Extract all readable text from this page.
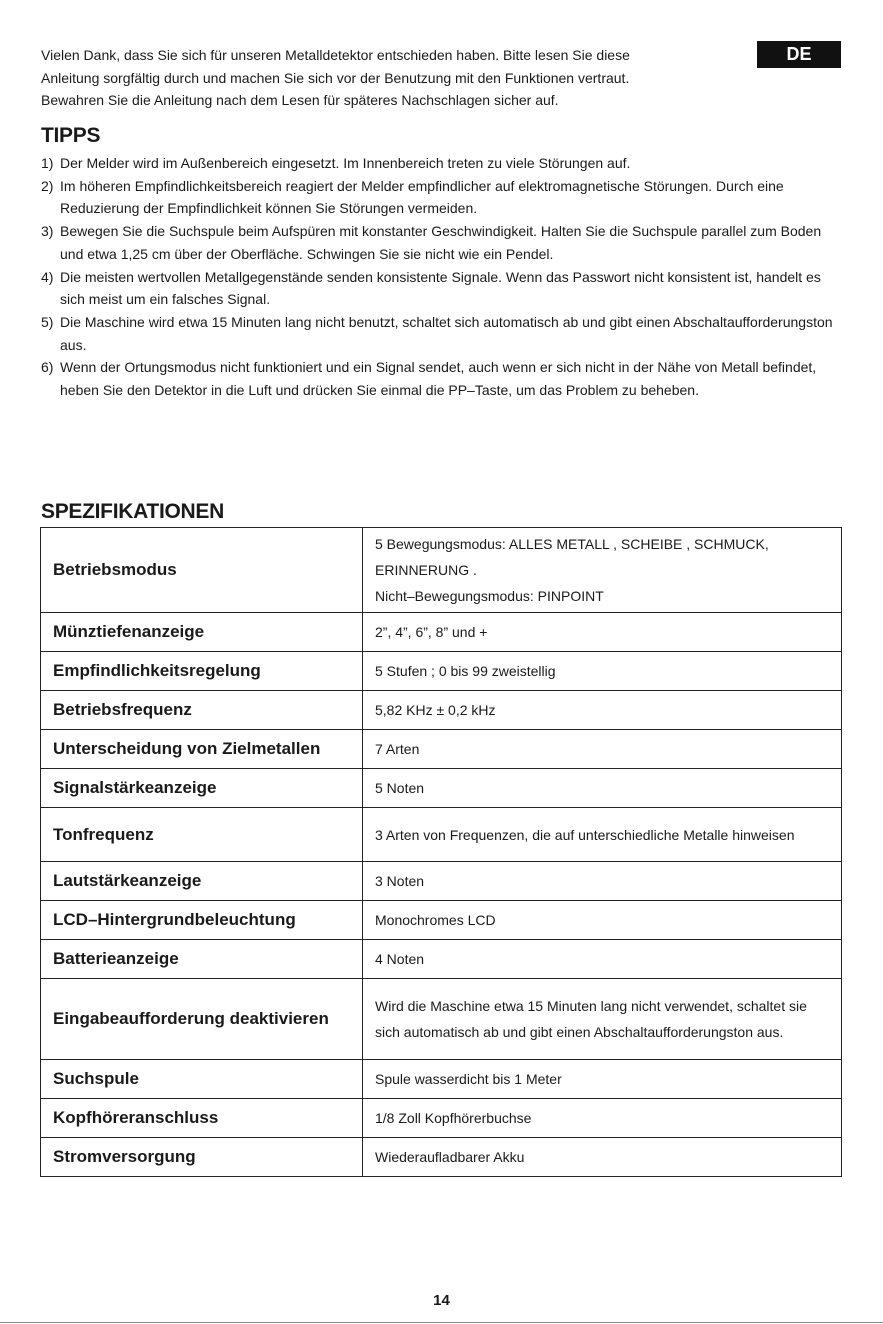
Vielen Dank, dass Sie sich für unseren Metalldetektor entschieden haben. Bitte lesen Sie diese

Anleitung sorgfältig durch und machen Sie sich vor der Benutzung mit den Funktionen vertraut.

Bewahren Sie die Anleitung nach dem Lesen für späteres Nachschlagen sicher auf.

DE
TIPPS
1) Der Melder wird im Außenbereich eingesetzt. Im Innenbereich treten zu viele Störungen auf.
2) Im höheren Empfindlichkeitsbereich reagiert der Melder empfindlicher auf elektromagnetische Störungen. Durch eine Reduzierung der Empfindlichkeit können Sie Störungen vermeiden.
3) Bewegen Sie die Suchspule beim Aufspüren mit konstanter Geschwindigkeit. Halten Sie die Suchspule parallel zum Boden und etwa 1,25 cm über der Oberfläche. Schwingen Sie sie nicht wie ein Pendel.
4) Die meisten wertvollen Metallgegenstände senden konsistente Signale. Wenn das Passwort nicht konsistent ist, handelt es sich meist um ein falsches Signal.
5) Die Maschine wird etwa 15 Minuten lang nicht benutzt, schaltet sich automatisch ab und gibt einen Abschaltaufforderungston aus.
6) Wenn der Ortungsmodus nicht funktioniert und ein Signal sendet, auch wenn er sich nicht in der Nähe von Metall befindet, heben Sie den Detektor in die Luft und drücken Sie einmal die PP–Taste, um das Problem zu beheben.
SPEZIFIKATIONEN
Betriebsmodus	5 Bewegungsmodus: ALLES METALL , SCHEIBE , SCHMUCK, ERINNERUNG .
Nicht–Bewegungsmodus: PINPOINT

Münztiefenanzeige	2”, 4”, 6”, 8” und +
Empfindlichkeitsregelung	5 Stufen ; 0 bis 99 zweistellig
Betriebsfrequenz	5,82 KHz ± 0,2 kHz
Unterscheidung von Zielmetallen	7 Arten
Signalstärkeanzeige	5 Noten
Tonfrequenz	3 Arten von Frequenzen, die auf unterschiedliche Metalle hinweisen
Lautstärkeanzeige	3 Noten
LCD–Hintergrundbeleuchtung	Monochromes LCD
Batterieanzeige	4 Noten
Eingabeaufforderung deaktivieren	Wird die Maschine etwa 15 Minuten lang nicht verwendet, schaltet sie sich automatisch ab und gibt einen Abschaltaufforderungston aus.
Suchspule	Spule wasserdicht bis 1 Meter
Kopfhöreranschluss	1/8 Zoll Kopfhörerbuchse
Stromversorgung	Wiederaufladbarer Akku
14
